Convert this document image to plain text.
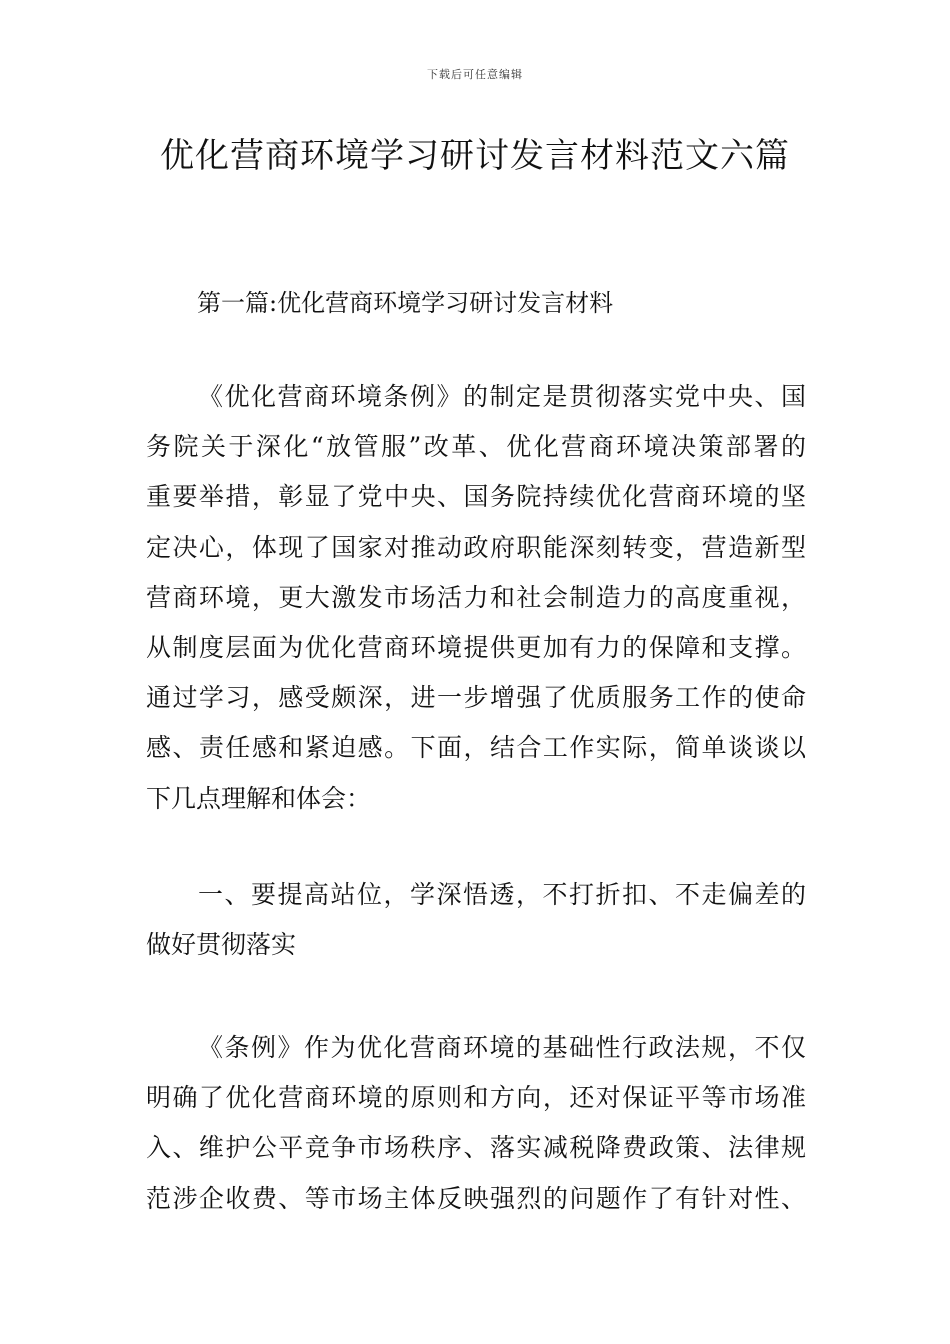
下载后可任意编辑
优化营商环境学习研讨发言材料范文六篇
第一篇:优化营商环境学习研讨发言材料
《优化营商环境条例》的制定是贯彻落实党中央、国
务院关于深化“放管服”改革、优化营商环境决策部署的
重要举措，彰显了党中央、国务院持续优化营商环境的坚
定决心，体现了国家对推动政府职能深刻转变，营造新型
营商环境，更大激发市场活力和社会制造力的高度重视，
从制度层面为优化营商环境提供更加有力的保障和支撑。
通过学习，感受颇深，进一步增强了优质服务工作的使命
感、责任感和紧迫感。下面，结合工作实际，简单谈谈以
下几点理解和体会：
一、要提高站位，学深悟透，不打折扣、不走偏差的
做好贯彻落实
《条例》作为优化营商环境的基础性行政法规，不仅
明确了优化营商环境的原则和方向，还对保证平等市场准
入、维护公平竞争市场秩序、落实减税降费政策、法律规
范涉企收费、等市场主体反映强烈的问题作了有针对性、
